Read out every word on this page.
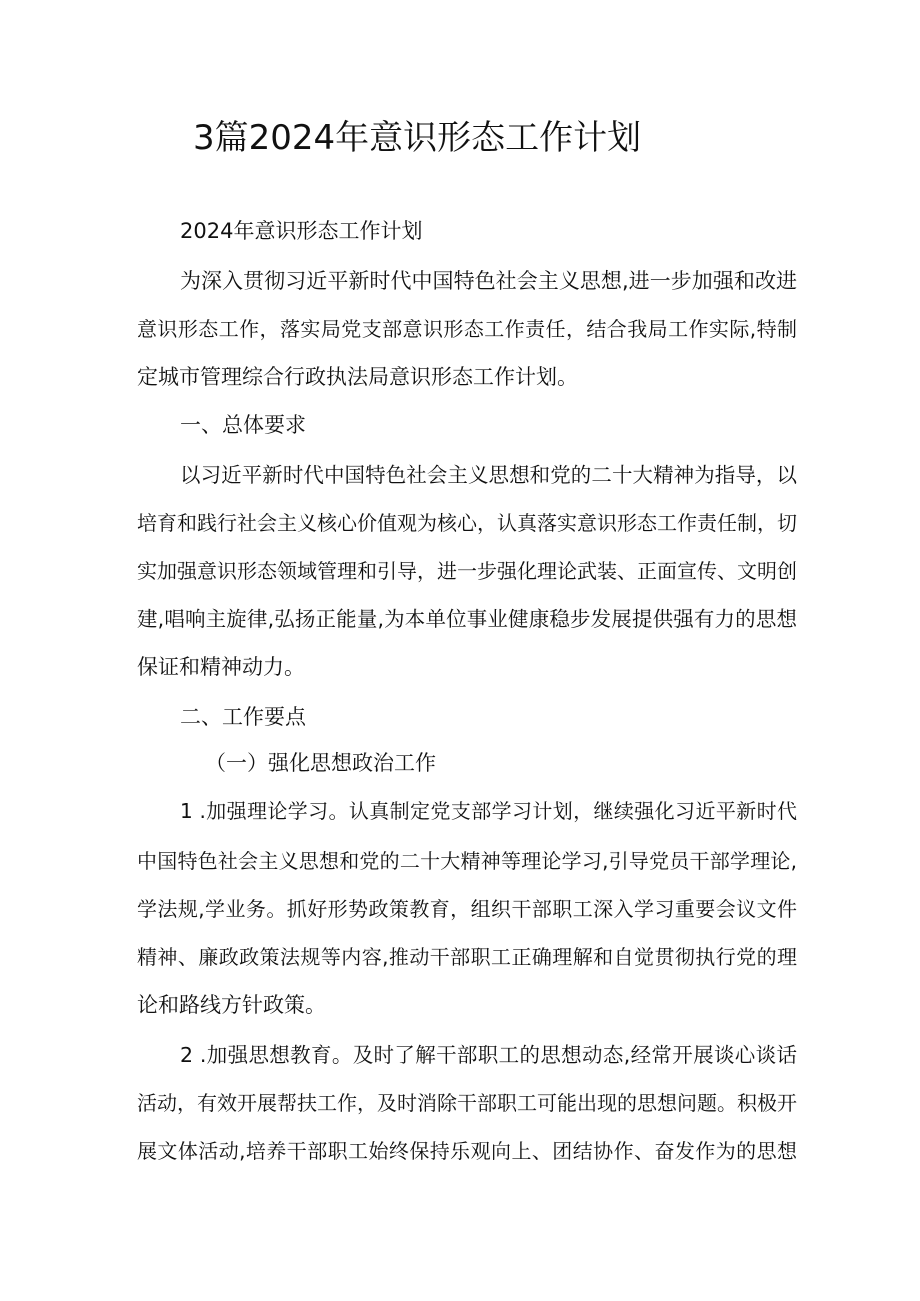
3篇2024年意识形态工作计划
2024年意识形态工作计划
为深入贯彻习近平新时代中国特色社会主义思想,进一步加强和改进
意识形态工作，落实局党支部意识形态工作责任，结合我局工作实际,特制
定城市管理综合行政执法局意识形态工作计划。
一、总体要求
以习近平新时代中国特色社会主义思想和党的二十大精神为指导，以
培育和践行社会主义核心价值观为核心，认真落实意识形态工作责任制，切
实加强意识形态领域管理和引导，进一步强化理论武装、正面宣传、文明创
建,唱响主旋律,弘扬正能量,为本单位事业健康稳步发展提供强有力的思想
保证和精神动力。
二、工作要点
（一）强化思想政治工作
1 .加强理论学习。认真制定党支部学习计划，继续强化习近平新时代
中国特色社会主义思想和党的二十大精神等理论学习,引导党员干部学理论,
学法规,学业务。抓好形势政策教育，组织干部职工深入学习重要会议文件
精神、廉政政策法规等内容,推动干部职工正确理解和自觉贯彻执行党的理
论和路线方针政策。
2 .加强思想教育。及时了解干部职工的思想动态,经常开展谈心谈话
活动，有效开展帮扶工作，及时消除干部职工可能出现的思想问题。积极开
展文体活动,培养干部职工始终保持乐观向上、团结协作、奋发作为的思想
